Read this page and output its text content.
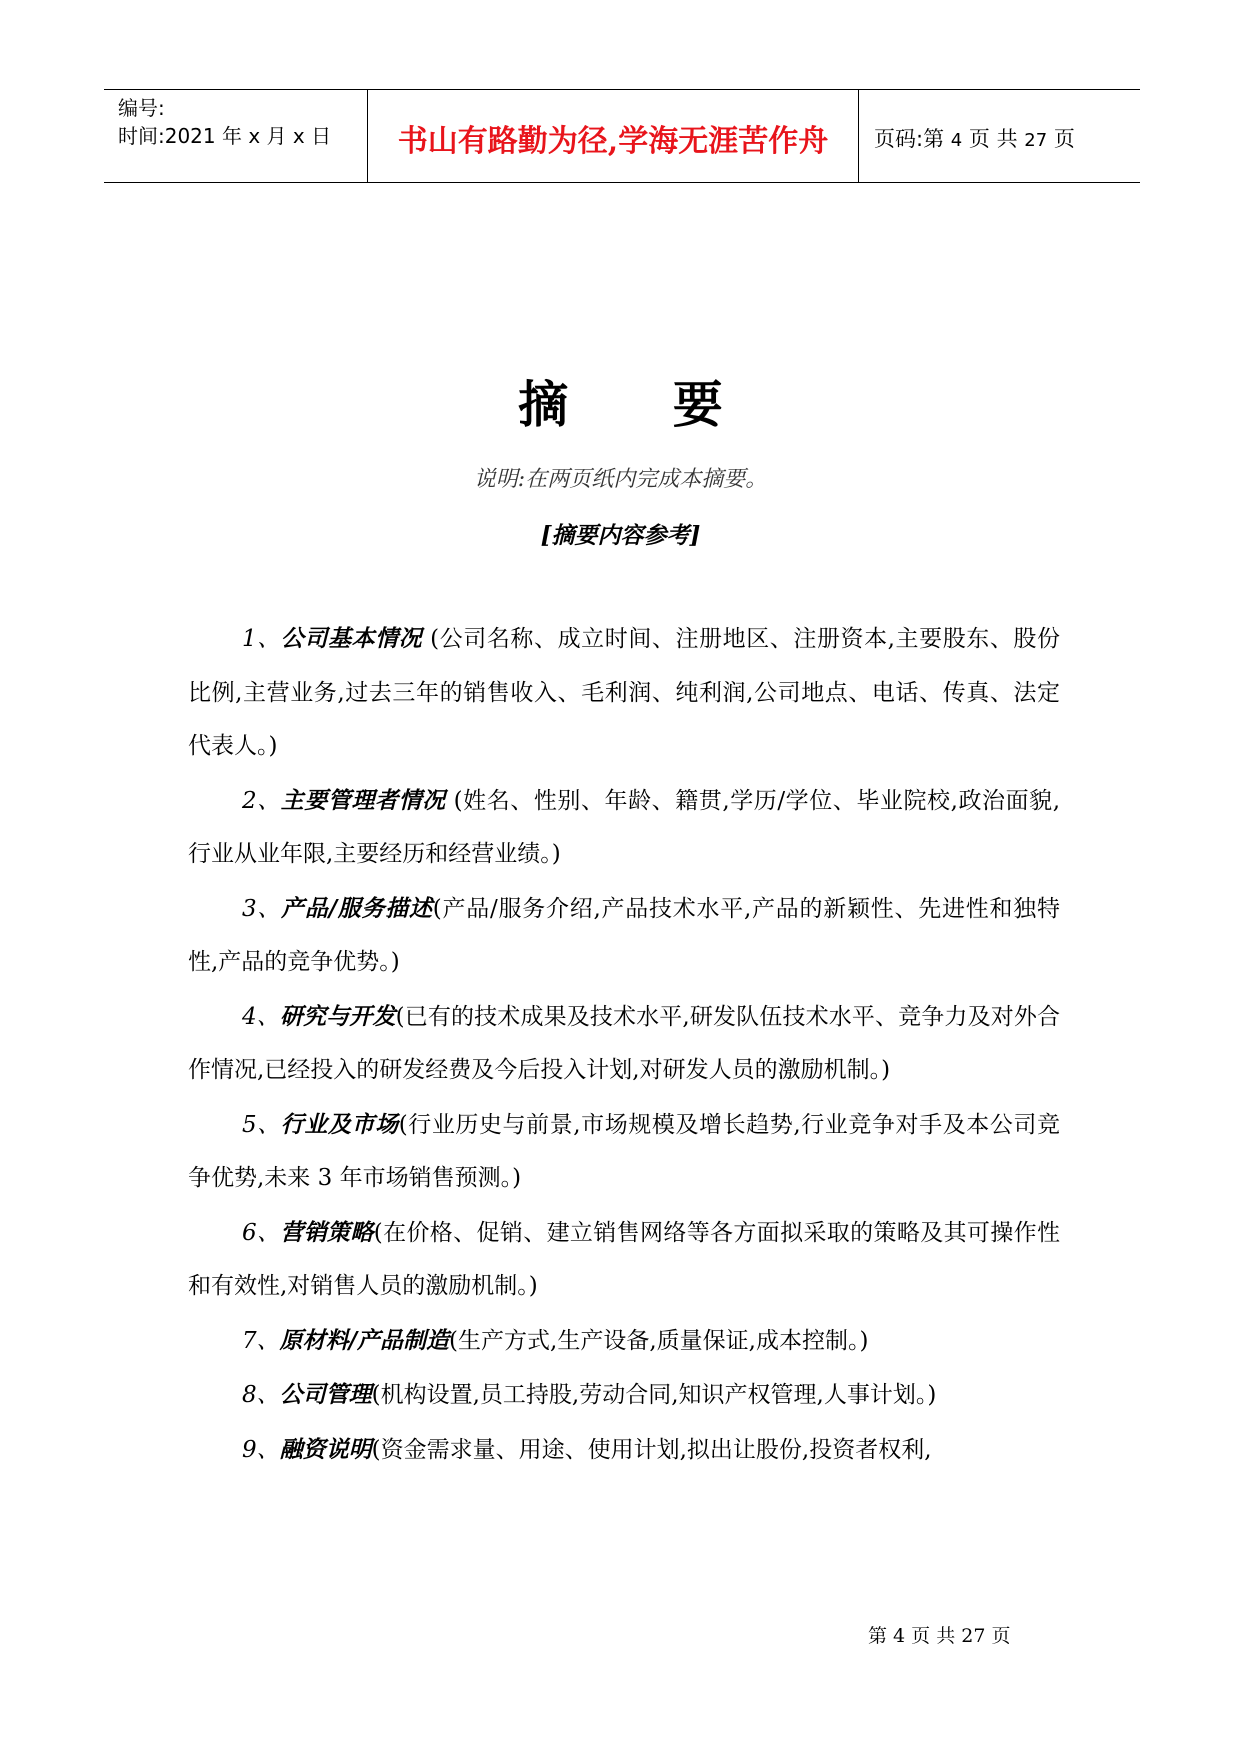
编号:
时间:2021 年 x 月 x 日	书山有路勤为径,学海无涯苦作舟	页码:第 4 页 共 27 页
摘      要
说明:在两页纸内完成本摘要。
[摘要内容参考]

1、公司基本情况 (公司名称、成立时间、注册地区、注册资本,主要股东、股份比例,主营业务,过去三年的销售收入、毛利润、纯利润,公司地点、电话、传真、法定代表人。)

2、主要管理者情况 (姓名、性别、年龄、籍贯,学历/学位、毕业院校,政治面貌,行业从业年限,主要经历和经营业绩。)

3、产品/服务描述(产品/服务介绍,产品技术水平,产品的新颖性、先进性和独特性,产品的竞争优势。)

4、研究与开发(已有的技术成果及技术水平,研发队伍技术水平、竞争力及对外合作情况,已经投入的研发经费及今后投入计划,对研发人员的激励机制。)

5、行业及市场(行业历史与前景,市场规模及增长趋势,行业竞争对手及本公司竞争优势,未来 3 年市场销售预测。)

6、营销策略(在价格、促销、建立销售网络等各方面拟采取的策略及其可操作性和有效性,对销售人员的激励机制。)

7、原材料/产品制造(生产方式,生产设备,质量保证,成本控制。)

8、公司管理(机构设置,员工持股,劳动合同,知识产权管理,人事计划。)

9、融资说明(资金需求量、用途、使用计划,拟出让股份,投资者权利,

第 4 页 共 27 页
